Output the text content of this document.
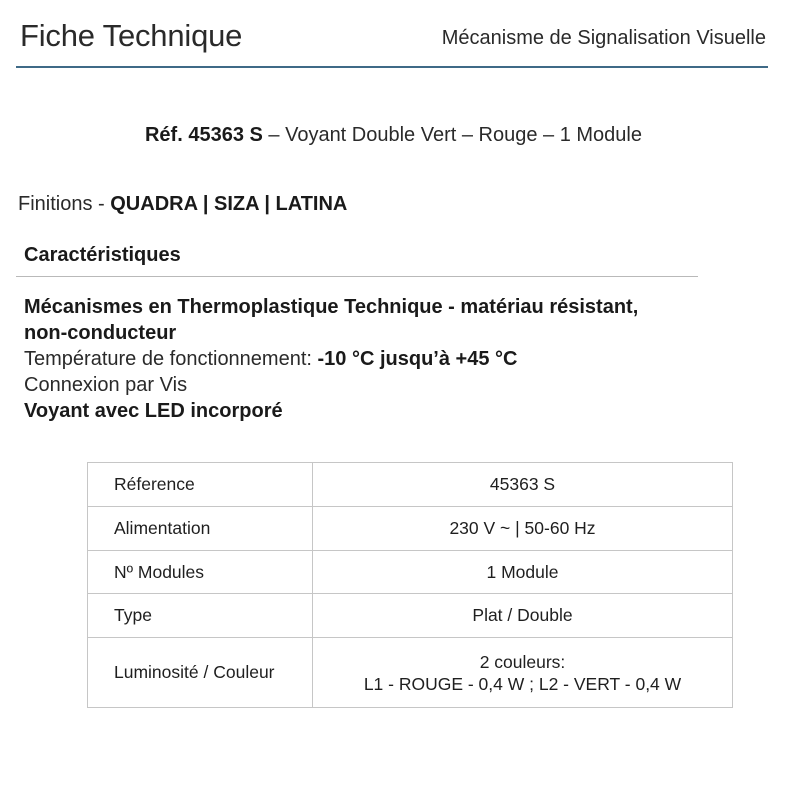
Fiche Technique	Mécanisme de Signalisation Visuelle
Réf. 45363 S – Voyant Double Vert – Rouge – 1 Module
Finitions - QUADRA | SIZA | LATINA
Caractéristiques
Mécanismes en Thermoplastique Technique - matériau résistant,
non-conducteur
Température de fonctionnement: -10 °C jusqu’à +45 °C
Connexion par Vis
Voyant avec LED incorporé
Réference	45363 S
Alimentation	230 V ~ | 50-60 Hz
Nº Modules	1 Module
Type	Plat / Double
Luminosité / Couleur	2 couleurs:
L1 - ROUGE - 0,4 W ; L2 - VERT - 0,4 W
